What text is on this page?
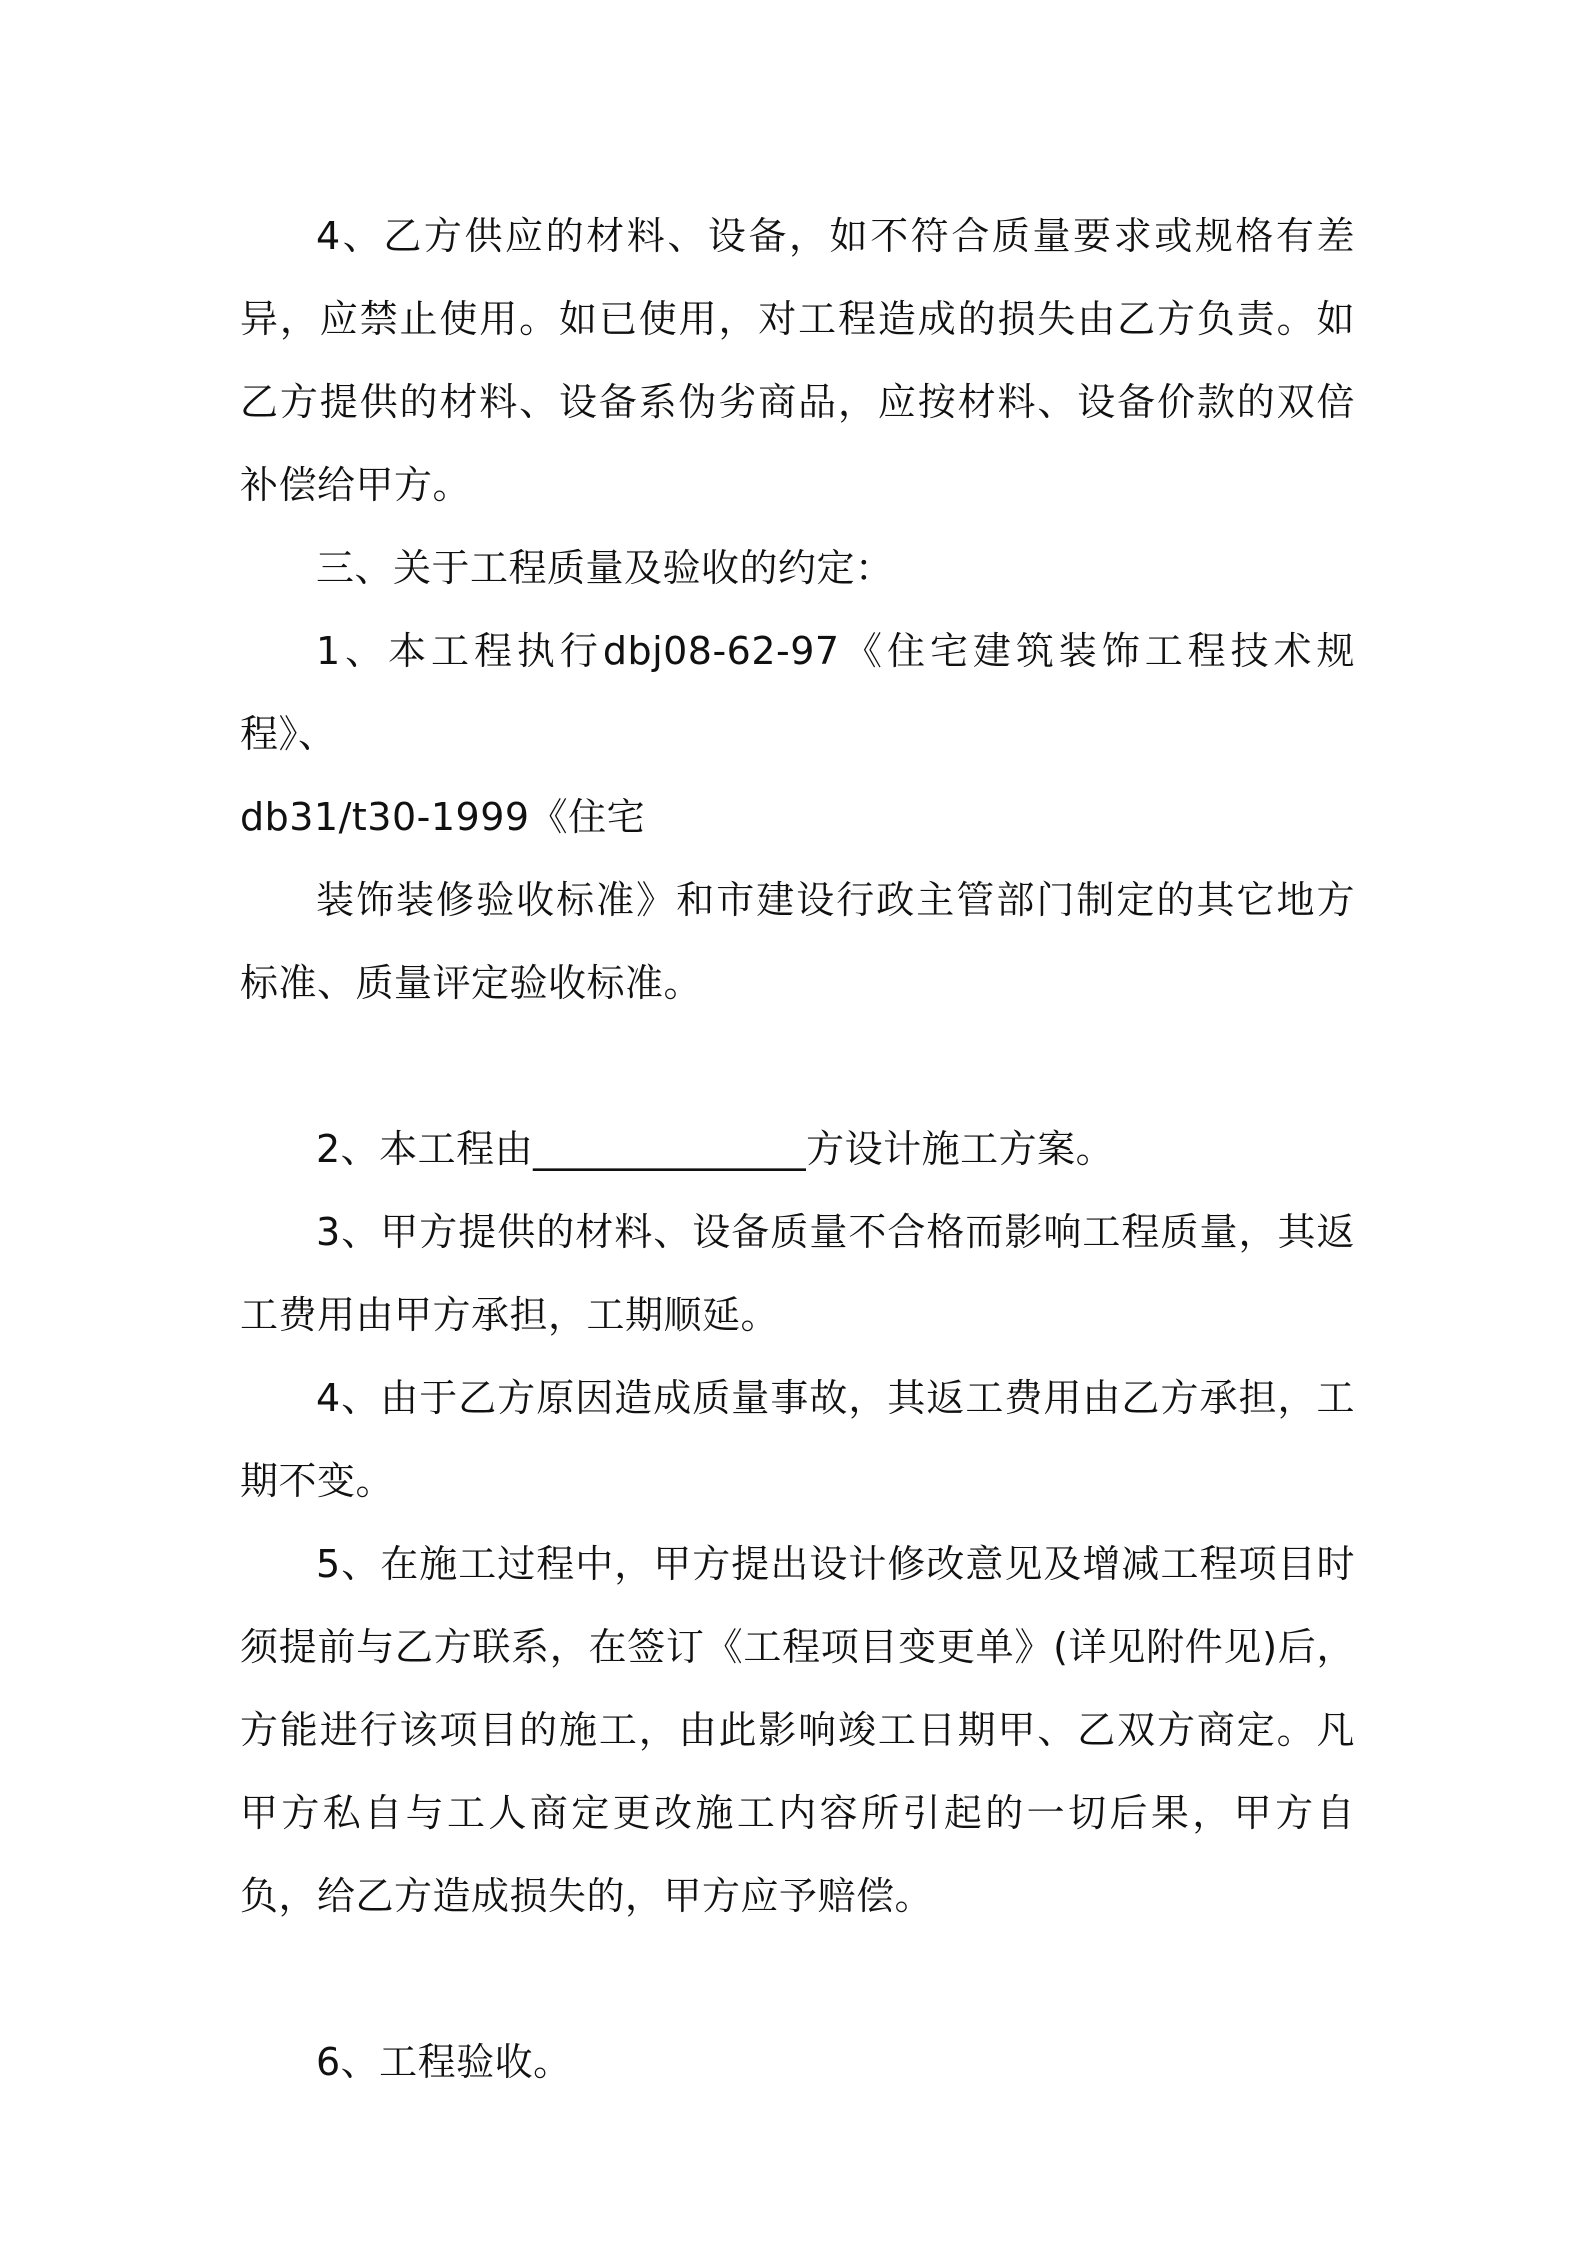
4、乙方供应的材料、设备，如不符合质量要求或规格有差异，应禁止使用。如已使用，对工程造成的损失由乙方负责。如乙方提供的材料、设备系伪劣商品，应按材料、设备价款的双倍补偿给甲方。

三、关于工程质量及验收的约定：

1、本工程执行dbj08-62-97《住宅建筑装饰工程技术规程》、

db31/t30-1999《住宅

装饰装修验收标准》和市建设行政主管部门制定的其它地方标准、质量评定验收标准。

2、本工程由______________方设计施工方案。

3、甲方提供的材料、设备质量不合格而影响工程质量，其返工费用由甲方承担，工期顺延。

4、由于乙方原因造成质量事故，其返工费用由乙方承担，工期不变。

5、在施工过程中，甲方提出设计修改意见及增减工程项目时须提前与乙方联系，在签订《工程项目变更单》(详见附件见)后，方能进行该项目的施工，由此影响竣工日期甲、乙双方商定。凡甲方私自与工人商定更改施工内容所引起的一切后果，甲方自负，给乙方造成损失的，甲方应予赔偿。

6、工程验收。
